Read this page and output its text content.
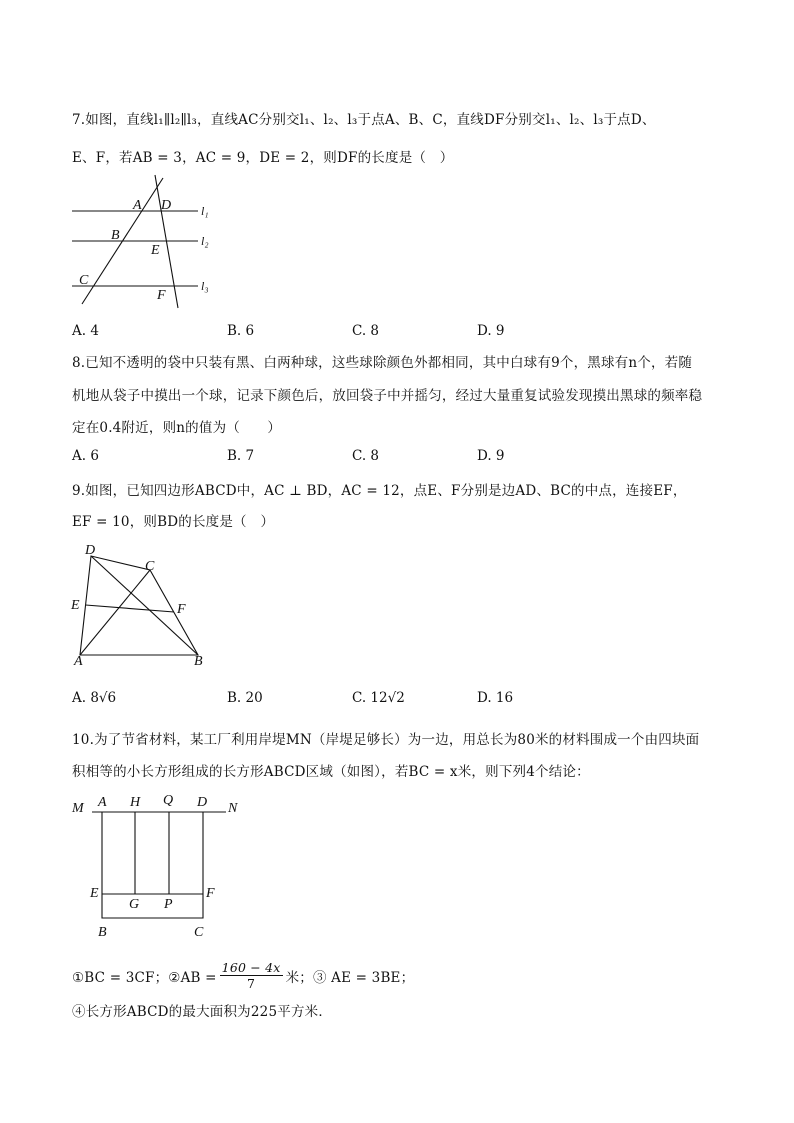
7.如图，直线l₁∥l₂∥l₃，直线AC分别交l₁、l₂、l₃于点A、B、C，直线DF分别交l₁、l₂、l₃于点D、
E、F，若AB = 3，AC = 9，DE = 2，则DF的长度是（　）
A D
B
E
C
F
l₁
l₂
l₃
A. 4	B. 6	C. 8	D. 9
8.已知不透明的袋中只装有黑、白两种球，这些球除颜色外都相同，其中白球有9个，黑球有n个，若随
机地从袋子中摸出一个球，记录下颜色后，放回袋子中并摇匀，经过大量重复试验发现摸出黑球的频率稳
定在0.4附近，则n的值为（　　）
A. 6	B. 7	C. 8	D. 9
9.如图，已知四边形ABCD中，AC ⊥ BD，AC = 12，点E、F分别是边AD、BC的中点，连接EF，
EF = 10，则BD的长度是（　）
D
C
E	F
A	B
A. 8√6	B. 20	C. 12√2	D. 16
10.为了节省材料，某工厂利用岸堤MN（岸堤足够长）为一边，用总长为80米的材料围成一个由四块面
积相等的小长方形组成的长方形ABCD区域（如图），若BC = x米，则下列4个结论：
M A H Q D N
E
G P
F
B	C
①BC = 3CF；②AB = $\frac{160 - 4x}{7}$ 米；③ AE = 3BE；
④长方形ABCD的最大面积为225平方米．
